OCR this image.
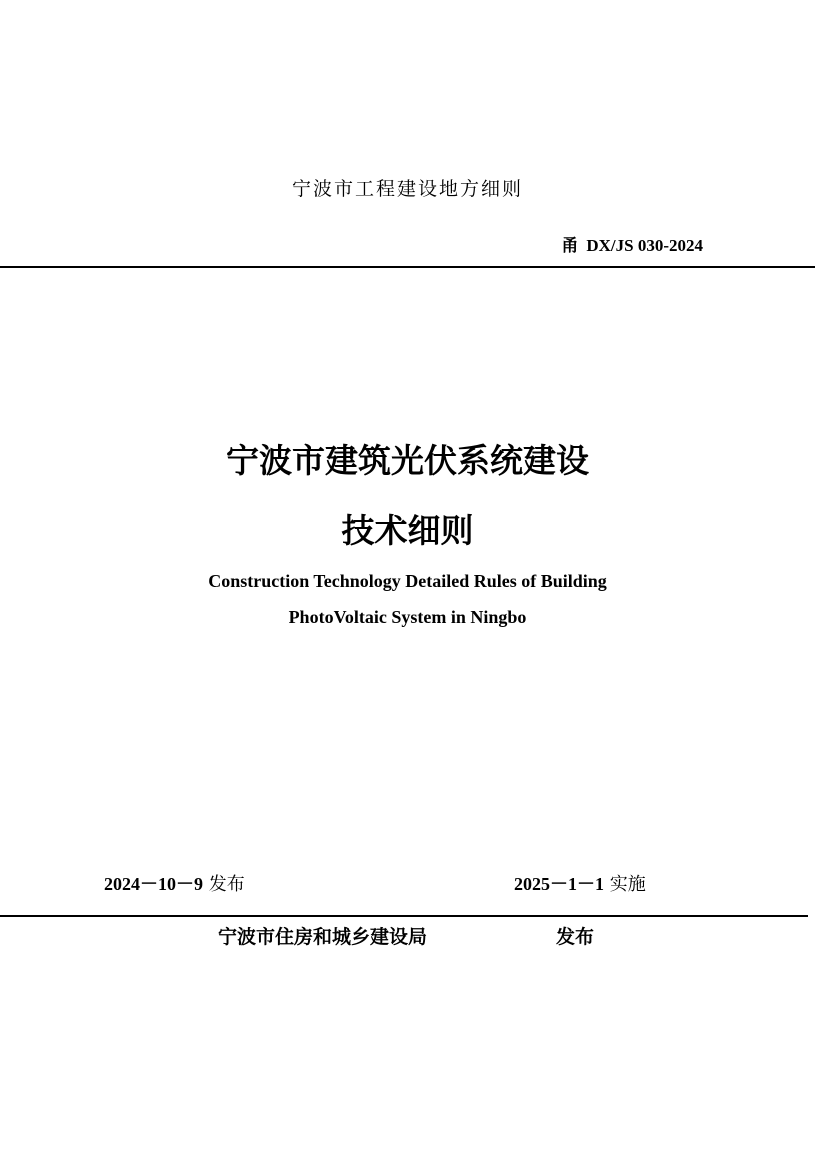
宁波市工程建设地方细则
甬 DX/JS 030-2024
宁波市建筑光伏系统建设
技术细则
Construction Technology Detailed Rules of Building
PhotoVoltaic System in Ningbo
2024－10－9 发布	2025－1－1 实施
宁波市住房和城乡建设局	发布
